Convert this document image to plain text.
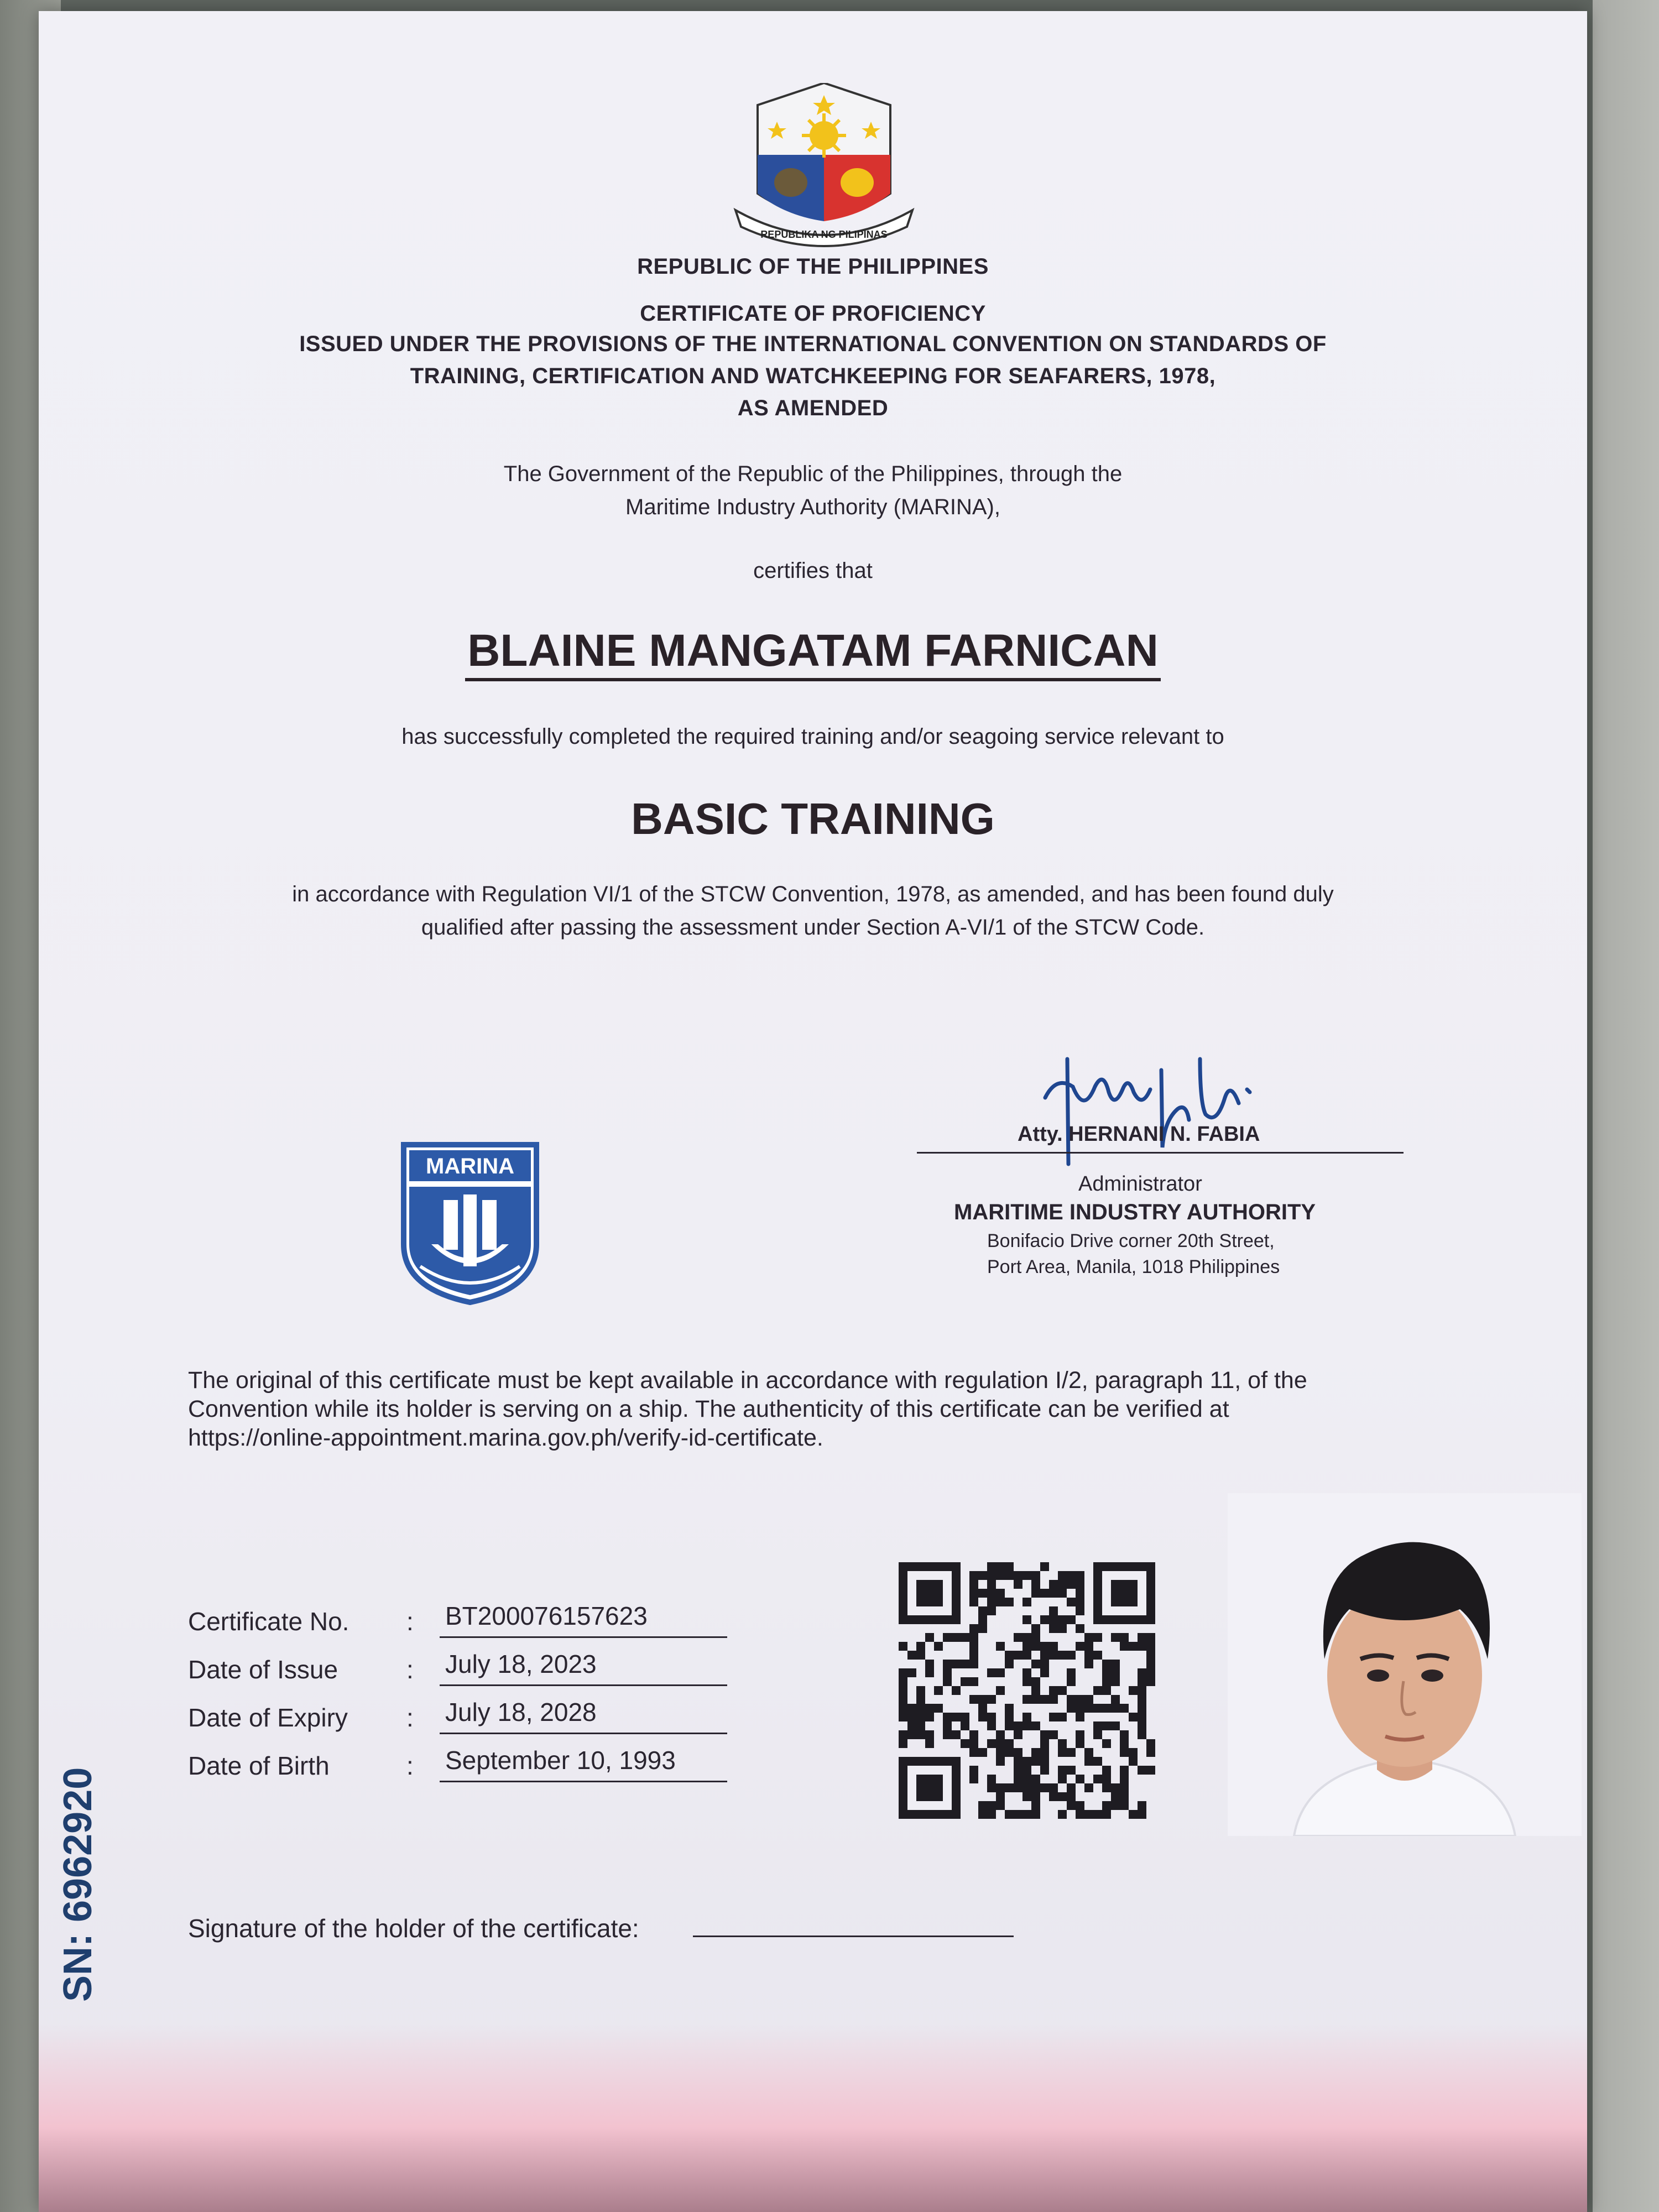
REPUBLIKA NG PILIPINAS
REPUBLIC OF THE PHILIPPINES
CERTIFICATE OF PROFICIENCY
ISSUED UNDER THE PROVISIONS OF THE INTERNATIONAL CONVENTION ON STANDARDS OF
TRAINING, CERTIFICATION AND WATCHKEEPING FOR SEAFARERS, 1978,
AS AMENDED
The Government of the Republic of the Philippines, through the
Maritime Industry Authority (MARINA),
certifies that
BLAINE MANGATAM FARNICAN
has successfully completed the required training and/or seagoing service relevant to
BASIC TRAINING
in accordance with Regulation VI/1 of the STCW Convention, 1978, as amended, and has been found duly
qualified after passing the assessment under Section A-VI/1 of the STCW Code.
MARINA
Atty. HERNANI N. FABIA
Administrator
MARITIME INDUSTRY AUTHORITY
Bonifacio Drive corner 20th Street,
Port Area, Manila, 1018 Philippines
The original of this certificate must be kept available in accordance with regulation I/2, paragraph 11, of the
Convention while its holder is serving on a ship. The authenticity of this certificate can be verified at
https://online-appointment.marina.gov.ph/verify-id-certificate.
Certificate No. : BT200076157623
Date of Issue	: July 18, 2023
Date of Expiry : July 18, 2028
Date of Birth	: September 10, 1993
Signature of the holder of the certificate:
SN: 6962920
